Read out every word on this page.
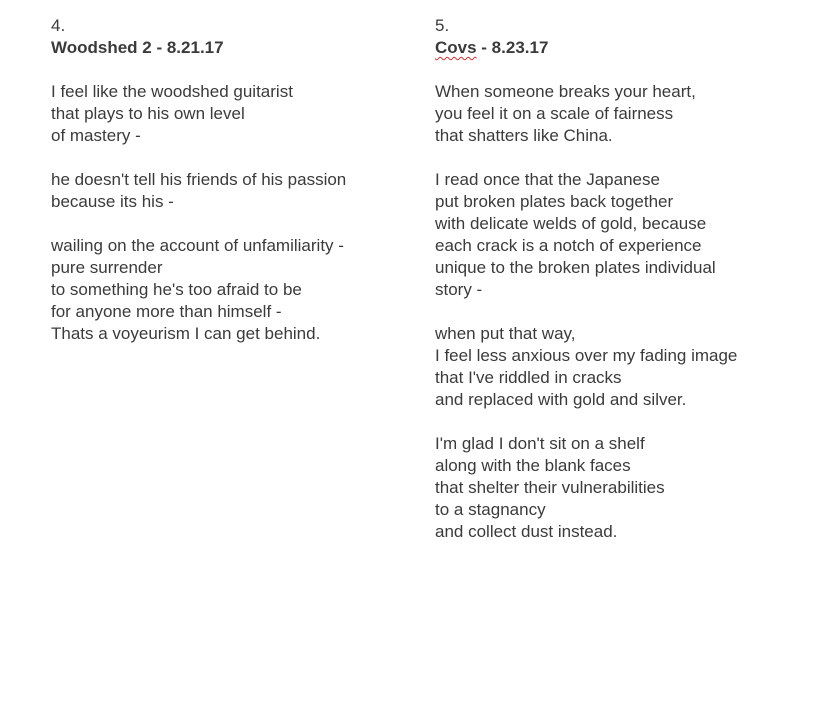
4.
Woodshed 2 - 8.21.17
I feel like the woodshed guitarist
that plays to his own level
of mastery -
he doesn't tell his friends of his passion
because its his -
wailing on the account of unfamiliarity -
pure surrender
to something he's too afraid to be
for anyone more than himself -
Thats a voyeurism I can get behind.
5.
Covs - 8.23.17
When someone breaks your heart,
you feel it on a scale of fairness
that shatters like China.
I read once that the Japanese
put broken plates back together
with delicate welds of gold, because
each crack is a notch of experience
unique to the broken plates individual
story -
when put that way,
I feel less anxious over my fading image
that I've riddled in cracks
and replaced with gold and silver.
I'm glad I don't sit on a shelf
along with the blank faces
that shelter their vulnerabilities
to a stagnancy
and collect dust instead.
